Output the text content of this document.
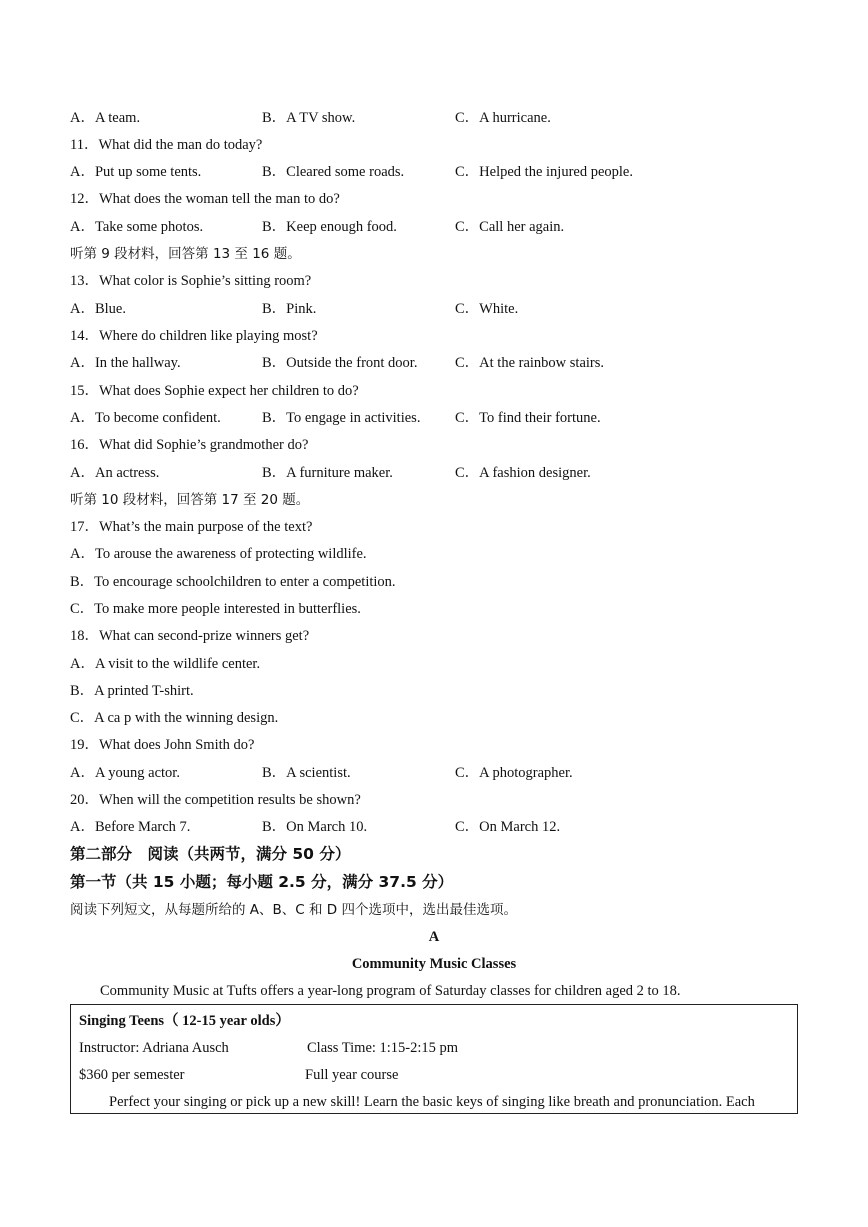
A．A team.	B．A TV show.	C．A hurricane.
11．What did the man do today?
A．Put up some tents.	B．Cleared some roads.	C．Helped the injured people.
12．What does the woman tell the man to do?
A．Take some photos.	B．Keep enough food.	C．Call her again.
听第 9 段材料，回答第 13 至 16 题。
13．What color is Sophie’s sitting room?
A．Blue.	B．Pink.	C．White.
14．Where do children like playing most?
A．In the hallway.	B．Outside the front door.	C．At the rainbow stairs.
15．What does Sophie expect her children to do?
A．To become confident.	B．To engage in activities. C．To find their fortune.
16．What did Sophie’s grandmother do?
A．An actress.	B．A furniture maker.	C．A fashion designer.
听第 10 段材料，回答第 17 至 20 题。
17．What’s the main purpose of the text?
A．To arouse the awareness of protecting wildlife.
B．To encourage schoolchildren to enter a competition.
C．To make more people interested in butterflies.
18．What can second-prize winners get?
A．A visit to the wildlife center.
B．A printed T-shirt.
C．A ca p with the winning design.
19．What does John Smith do?
A．A young actor.	B．A scientist.	C．A photographer.
20．When will the competition results be shown?
A．Before March 7.	B．On March 10.	C．On March 12.
第二部分　阅读（共两节，满分 50 分）
第一节（共 15 小题；每小题 2.5 分，满分 37.5 分）
阅读下列短文，从每题所给的 A、B、C 和 D 四个选项中，选出最佳选项。
A
Community Music Classes
Community Music at Tufts offers a year-long program of Saturday classes for children aged 2 to 18.
Singing Teens（ 12-15 year olds）
Instructor: Adriana Ausch	Class Time: 1:15-2:15 pm
$360 per semester	Full year course
Perfect your singing or pick up a new skill! Learn the basic keys of singing like breath and pronunciation. Each
